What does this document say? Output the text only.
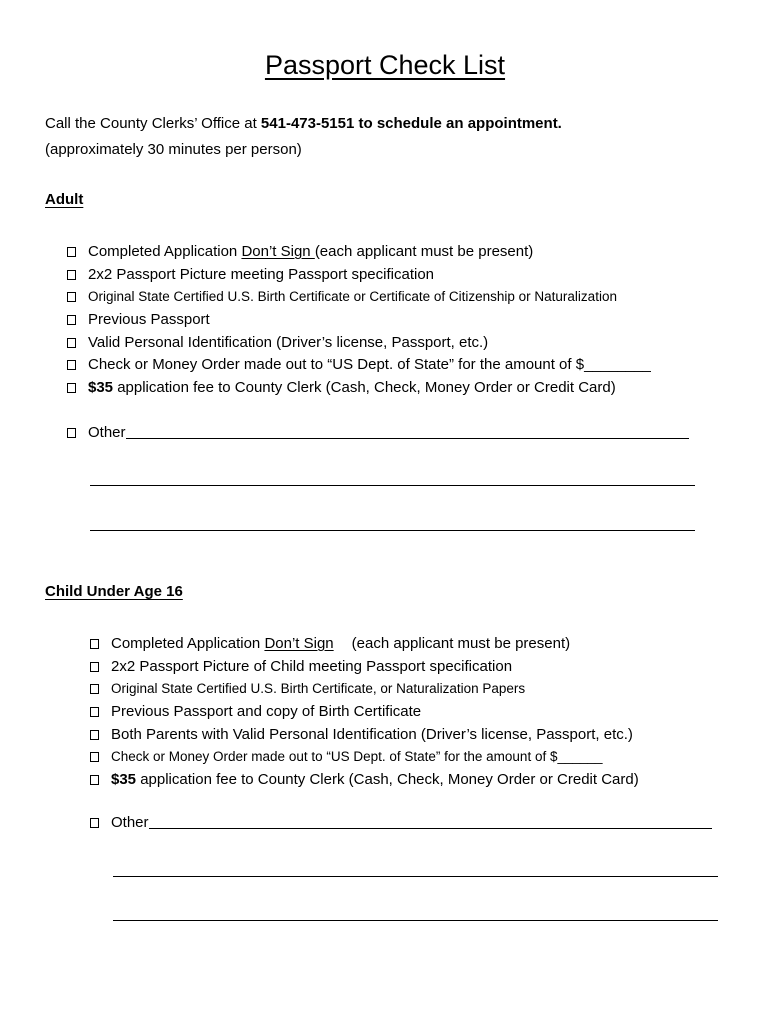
Passport Check List
Call the County Clerks’ Office at 541-473-5151 to schedule an appointment.
(approximately 30 minutes per person)
Adult
Completed Application Don’t Sign (each applicant must be present)
2x2 Passport Picture meeting Passport specification
Original State Certified U.S. Birth Certificate or Certificate of Citizenship or Naturalization
Previous Passport
Valid Personal Identification (Driver’s license, Passport, etc.)
Check or Money Order made out to “US Dept. of State” for the amount of $________
$35 application fee to County Clerk (Cash, Check, Money Order or Credit Card)
Other
Child Under Age 16
Completed Application Don’t Sign (each applicant must be present)
2x2 Passport Picture of Child meeting Passport specification
Original State Certified U.S. Birth Certificate, or Naturalization Papers
Previous Passport and copy of Birth Certificate
Both Parents with Valid Personal Identification (Driver’s license, Passport, etc.)
Check or Money Order made out to “US Dept. of State” for the amount of $______
$35 application fee to County Clerk (Cash, Check, Money Order or Credit Card)
Other
